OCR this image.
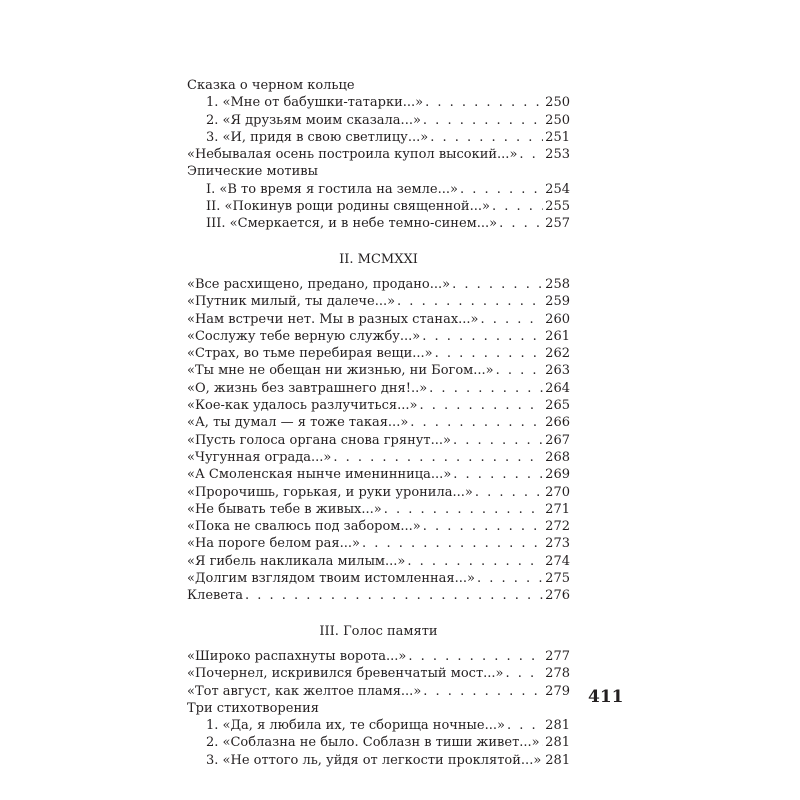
Сказка о черном кольце
1. «Мне от бабушки-татарки...» . . .	250
2. «Я друзьям моим сказала...» . . .	250
3. «И, придя в свою светлицу...» . . .	251
«Небывалая осень построила купол высокий...» . . . 253
Эпические мотивы
I. «В то время я гостила на земле...» . . .	254
II. «Покинув рощи родины священной...» . . .	255
III. «Смеркается, и в небе темно-синем...» . . .	257
II. MCMXXI
«Все расхищено, предано, продано...» . . .	258
«Путник милый, ты далече...» . . .	259
«Нам встречи нет. Мы в разных станах...» . . .	260
«Сослужу тебе верную службу...» . . .	261
«Страх, во тьме перебирая вещи...» . . .	262
«Ты мне не обещан ни жизнью, ни Богом...» . . .	263
«О, жизнь без завтрашнего дня!..» . . .	264
«Кое-как удалось разлучиться...» . . .	265
«А, ты думал — я тоже такая...» . . .	266
«Пусть голоса органа снова грянут...» . . .	267
«Чугунная ограда...» . . .	268
«А Смоленская нынче именинница...» . . .	269
«Пророчишь, горькая, и руки уронила...» . . .	270
«Не бывать тебе в живых...» . . .	271
«Пока не свалюсь под забором...» . . .	272
«На пороге белом рая...» . . .	273
«Я гибель накликала милым...» . . .	274
«Долгим взглядом твоим истомленная...» . . .	275
Клевета . . .	276
III. Голос памяти
«Широко распахнуты ворота...» . . .	277
«Почернел, искривился бревенчатый мост...» . . .	278
«Тот август, как желтое пламя...» . . .	279
Три стихотворения
1. «Да, я любила их, те сборища ночные...» . . .	281
2. «Соблазна не было. Соблазн в тиши живет...» . . . 281
3. «Не оттого ль, уйдя от легкости проклятой...» 281
411
